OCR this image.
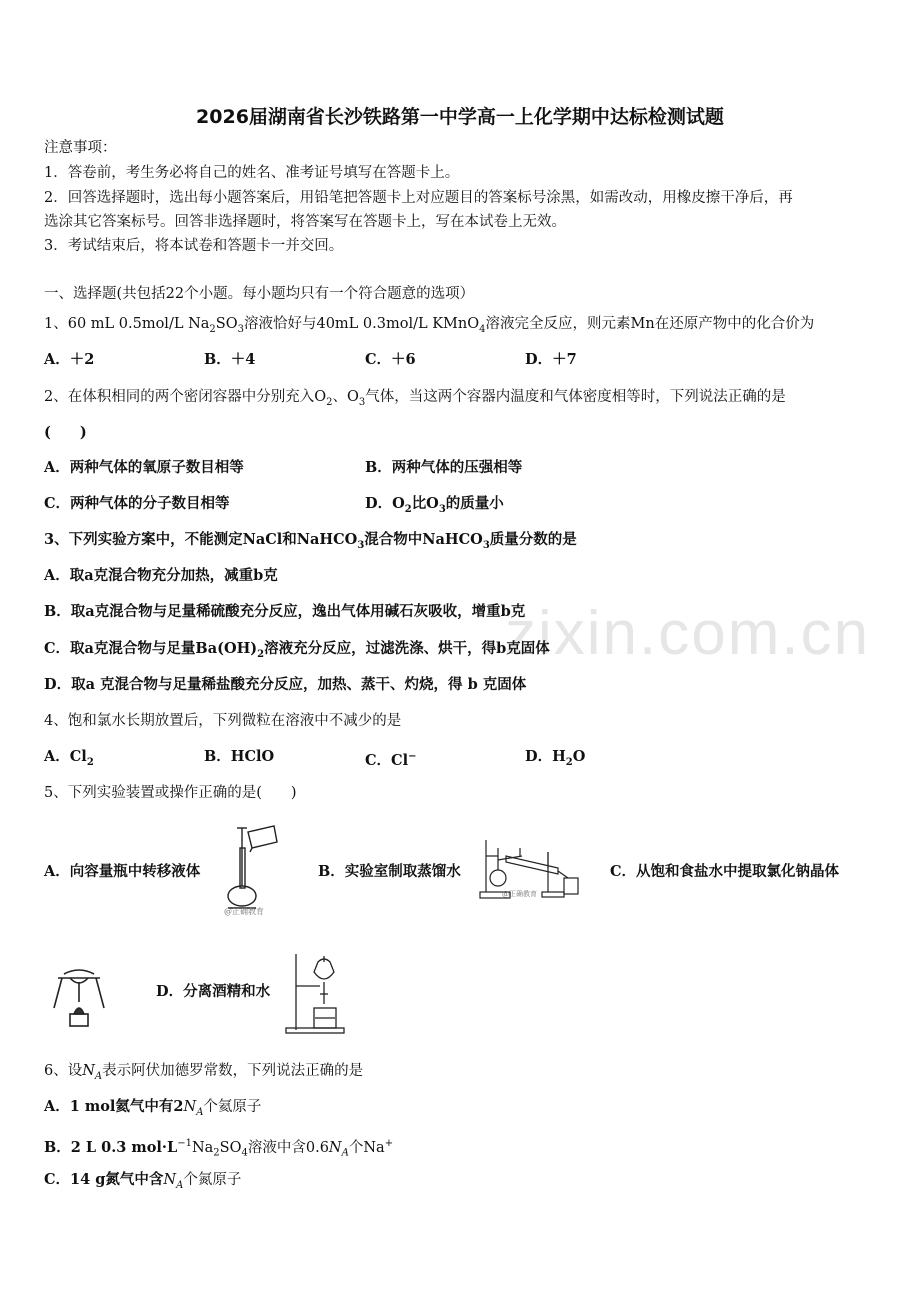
zixin.com.cn
2026届湖南省长沙铁路第一中学高一上化学期中达标检测试题
注意事项：
1．答卷前，考生务必将自己的姓名、准考证号填写在答题卡上。
2．回答选择题时，选出每小题答案后，用铅笔把答题卡上对应题目的答案标号涂黑，如需改动，用橡皮擦干净后，再
选涂其它答案标号。回答非选择题时，将答案写在答题卡上，写在本试卷上无效。
3．考试结束后，将本试卷和答题卡一并交回。
一、选择题(共包括22个小题。每小题均只有一个符合题意的选项）
1、60 mL 0.5mol/L $Na_2SO_3$溶液恰好与40mL 0.3mol/L KMnO$_4$溶液完全反应，则元素Mn在还原产物中的化合价为
A．＋2	B．＋4	C．＋6	D．＋7
2、在体积相同的两个密闭容器中分别充入$O_2$、$O_3$气体，当这两个容器内温度和气体密度相等时，下列说法正确的是
(　　)
A．两种气体的氧原子数目相等	B．两种气体的压强相等
C．两种气体的分子数目相等	D．$O_2$比$O_3$的质量小
3、下列实验方案中，不能测定NaCl和NaHCO$_3$混合物中NaHCO$_3$质量分数的是
A．取a克混合物充分加热，减重b克
B．取a克混合物与足量稀硫酸充分反应，逸出气体用碱石灰吸收，增重b克
C．取a克混合物与足量$Ba(OH)_2$溶液充分反应，过滤洗涤、烘干，得b克固体
D．取a 克混合物与足量稀盐酸充分反应，加热、蒸干、灼烧，得 b 克固体
4、饱和氯水长期放置后，下列微粒在溶液中不减少的是
A．$Cl_2$	B．HClO	C．Cl−	D．$H_2O$
5、下列实验装置或操作正确的是(　　)
A．向容量瓶中转移液体	B．实验室制取蒸馏水	C．从饱和食盐水中提取氯化钠晶体
D．分离酒精和水
@正确教育
@正确教育
6、设$N_A$表示阿伏加德罗常数，下列说法正确的是
A．1 mol氦气中有$2N_A$个氦原子
B．2 L 0.3 $mol\cdot L^{-1}Na_2SO_4$溶液中含$0.6N_A$个Na+
C．14 g氮气中含$N_A$个氮原子
